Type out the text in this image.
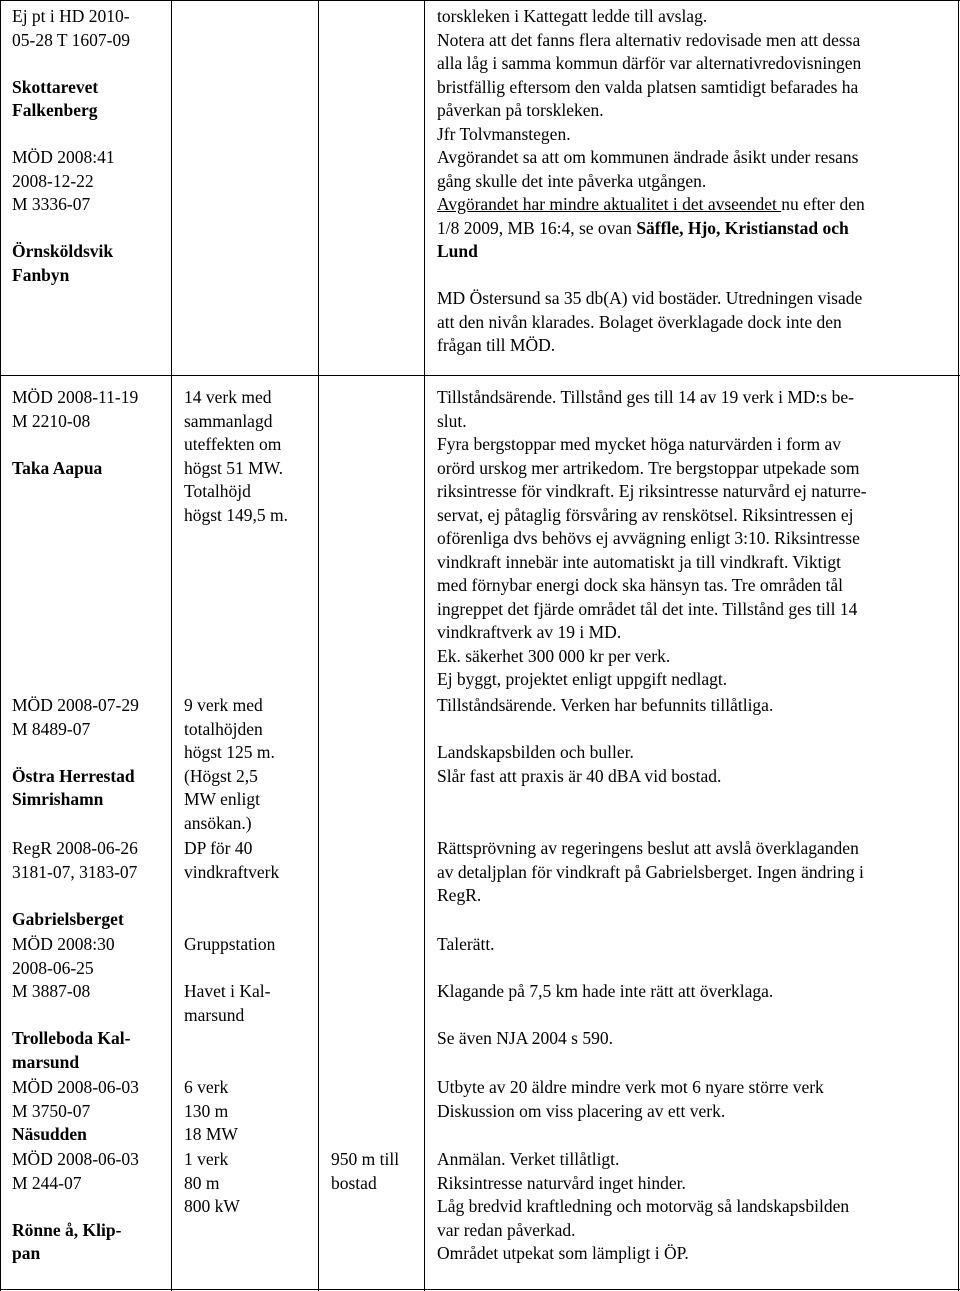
Ej pt i HD 2010-
05-28 T 1607-09
Skottarevet
Falkenberg
MÖD 2008:41
2008-12-22
M 3336-07
Örnsköldsvik
Fanbyn
torskleken i Kattegatt ledde till avslag.
Notera att det fanns flera alternativ redovisade men att dessa
alla låg i samma kommun därför var alternativredovisningen
bristfällig eftersom den valda platsen samtidigt befarades ha
påverkan på torskleken.
Jfr Tolvmanstegen.
Avgörandet sa att om kommunen ändrade åsikt under resans
gång skulle det inte påverka utgången.
Avgörandet har mindre aktualitet i det avseendet nu efter den
1/8 2009, MB 16:4, se ovan Säffle, Hjo, Kristianstad och
Lund
MD Östersund sa 35 db(A) vid bostäder. Utredningen visade
att den nivån klarades. Bolaget överklagade dock inte den
frågan till MÖD.
MÖD 2008-11-19
M 2210-08
Taka Aapua
MÖD 2008-07-29
M 8489-07
Östra Herrestad
Simrishamn
RegR 2008-06-26
3181-07, 3183-07
Gabrielsberget
MÖD 2008:30
2008-06-25
M 3887-08
Trolleboda Kal-
marsund
MÖD 2008-06-03
M 3750-07
Näsudden
MÖD 2008-06-03
M 244-07
Rönne å, Klip-
pan
14 verk med
sammanlagd
uteffekten om
högst 51 MW.
Totalhöjd
högst 149,5 m.
9 verk med
totalhöjden
högst 125 m.
(Högst 2,5
MW enligt
ansökan.)
DP för 40
vindkraftverk
Gruppstation
Havet i Kal-
marsund
6 verk
130 m
18 MW
1 verk
80 m
800 kW
950 m till
bostad
Tillståndsärende. Tillstånd ges till 14 av 19 verk i MD:s be-
slut.
Fyra bergstoppar med mycket höga naturvärden i form av
orörd urskog mer artrikedom. Tre bergstoppar utpekade som
riksintresse för vindkraft. Ej riksintresse naturvård ej naturre-
servat, ej påtaglig försvåring av renskötsel. Riksintressen ej
oförenliga dvs behövs ej avvägning enligt 3:10. Riksintresse
vindkraft innebär inte automatiskt ja till vindkraft. Viktigt
med förnybar energi dock ska hänsyn tas. Tre områden tål
ingreppet det fjärde området tål det inte. Tillstånd ges till 14
vindkraftverk av 19 i MD.
Ek. säkerhet 300 000 kr per verk.
Ej byggt, projektet enligt uppgift nedlagt.
Tillståndsärende. Verken har befunnits tillåtliga.
Landskapsbilden och buller.
Slår fast att praxis är 40 dBA vid bostad.
Rättsprövning av regeringens beslut att avslå överklaganden
av detaljplan för vindkraft på Gabrielsberget. Ingen ändring i
RegR.
Talerätt.
Klagande på 7,5 km hade inte rätt att överklaga.
Se även NJA 2004 s 590.
Utbyte av 20 äldre mindre verk mot 6 nyare större verk
Diskussion om viss placering av ett verk.
Anmälan. Verket tillåtligt.
Riksintresse naturvård inget hinder.
Låg bredvid kraftledning och motorväg så landskapsbilden
var redan påverkad.
Området utpekat som lämpligt i ÖP.
